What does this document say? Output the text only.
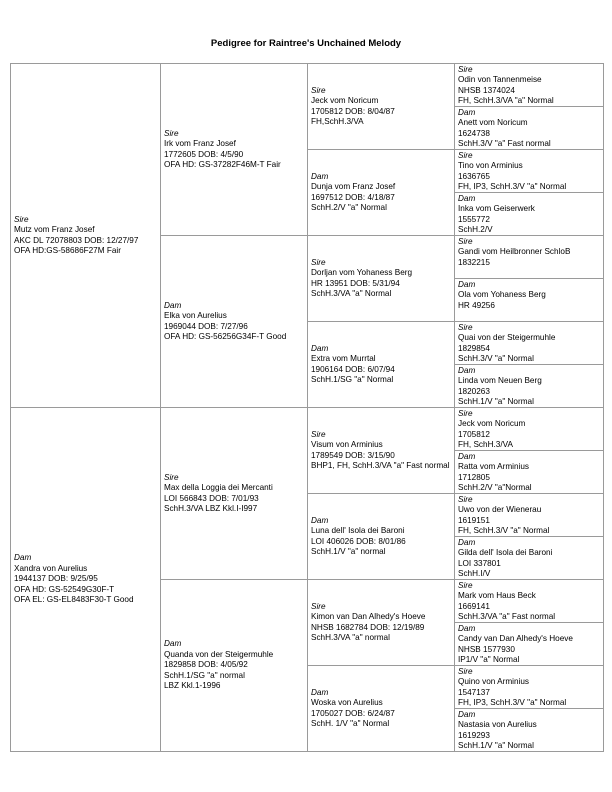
Pedigree for Raintree's Unchained Melody
Sire
Mutz vom Franz Josef
AKC DL 72078803 DOB: 12/27/97
OFA HD:GS-58686F27M Fair
Dam
Xandra von Aurelius
1944137 DOB: 9/25/95
OFA HD: GS-52549G30F-T
OFA EL: GS-EL8483F30-T Good
Sire
Irk vom Franz Josef
1772605 DOB: 4/5/90
OFA HD: GS-37282F46M-T Fair
Dam
Elka von Aurelius
1969044 DOB: 7/27/96
OFA HD: GS-56256G34F-T Good
Sire
Max della Loggia dei Mercanti
LOI 566843 DOB: 7/01/93
SchH.3/VA LBZ Kkl.I-I997
Dam
Quanda von der Steigermuhle
1829858 DOB: 4/05/92
SchH.1/SG "a" normal
LBZ Kkl.1-1996
Sire
Jeck vom Noricum
1705812 DOB: 8/04/87
FH,SchH.3/VA
Dam
Dunja vom Franz Josef
1697512 DOB: 4/18/87
SchH.2/V "a" Normal
Sire
Dorljan vom Yohaness Berg
HR 13951 DOB: 5/31/94
SchH.3/VA "a" Normal
Dam
Extra vom Murrtal
1906164 DOB: 6/07/94
SchH.1/SG "a" Normal
Sire
Visum von Arminius
1789549 DOB: 3/15/90
BHP1, FH, SchH.3/VA "a" Fast normal
Dam
Luna dell' Isola dei Baroni
LOI 406026 DOB: 8/01/86
SchH.1/V "a" normal
Sire
Kimon van Dan Alhedy's Hoeve
NHSB 1682784 DOB: 12/19/89
SchH.3/VA "a" normal
Dam
Woska von Aurelius
1705027 DOB: 6/24/87
SchH. 1/V "a" Normal
Sire
Odin von Tannenmeise
NHSB 1374024
FH, SchH.3/VA "a" Normal
Dam
Anett vom Noricum
1624738
SchH.3/V "a" Fast normal
Sire
Tino von Arminius
1636765
FH, IP3, SchH.3/V "a" Normal
Dam
Inka vom Geiserwerk
1555772
SchH.2/V
Sire
Gandi vom Heilbronner SchloB
1832215
Dam
Ola vom Yohaness Berg
HR 49256
Sire
Quai von der Steigermuhle
1829854
SchH.3/V "a" Normal
Dam
Linda vom Neuen Berg
1820263
SchH.1/V "a" Normal
Sire
Jeck vom Noricum
1705812
FH, SchH.3/VA
Dam
Ratta vom Arminius
1712805
SchH.2/V "a"Normal
Sire
Uwo von der Wienerau
1619151
FH, SchH.3/V "a" Normal
Dam
Gilda dell' Isola dei Baroni
LOI 337801
SchH.I/V
Sire
Mark vom Haus Beck
1669141
SchH.3/VA "a" Fast normal
Dam
Candy van Dan Alhedy's Hoeve
NHSB 1577930
IP1/V "a" Normal
Sire
Quino von Arminius
1547137
FH, IP3, SchH.3/V "a" Normal
Dam
Nastasia von Aurelius
1619293
SchH.1/V "a" Normal
